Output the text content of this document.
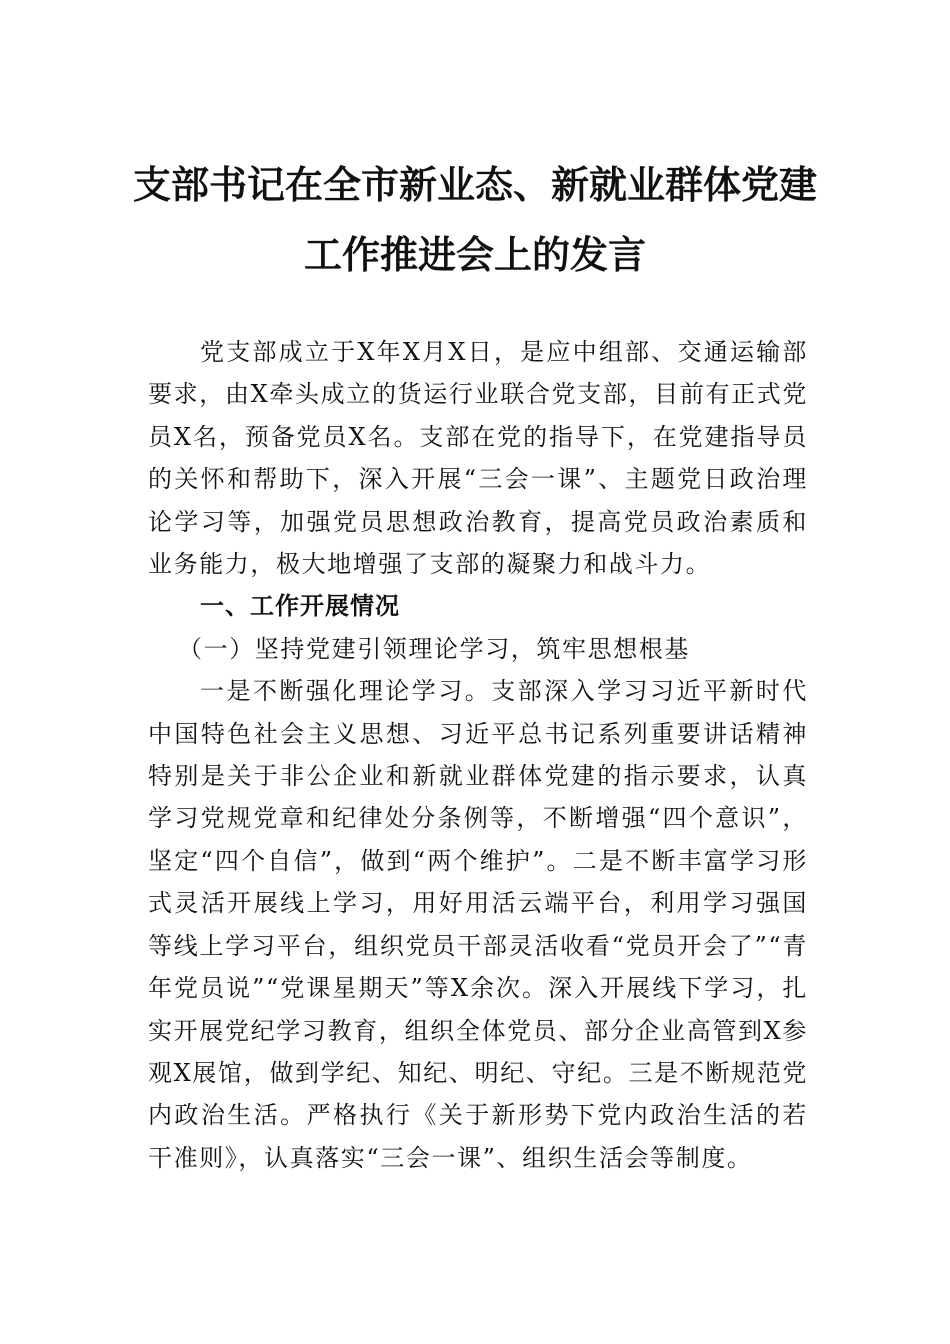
支部书记在全市新业态、新就业群体党建
工作推进会上的发言

党支部成立于X年X月X日，是应中组部、交通运输部要求，由X牵头成立的货运行业联合党支部，目前有正式党员X名，预备党员X名。支部在党的指导下，在党建指导员的关怀和帮助下，深入开展“三会一课”、主题党日政治理论学习等，加强党员思想政治教育，提高党员政治素质和业务能力，极大地增强了支部的凝聚力和战斗力。

一、工作开展情况

（一）坚持党建引领理论学习，筑牢思想根基

一是不断强化理论学习。支部深入学习习近平新时代中国特色社会主义思想、习近平总书记系列重要讲话精神特别是关于非公企业和新就业群体党建的指示要求，认真学习党规党章和纪律处分条例等，不断增强“四个意识”，坚定“四个自信”，做到“两个维护”。二是不断丰富学习形式灵活开展线上学习，用好用活云端平台，利用学习强国等线上学习平台，组织党员干部灵活收看“党员开会了”“青年党员说”“党课星期天”等X余次。深入开展线下学习，扎实开展党纪学习教育，组织全体党员、部分企业高管到X参观X展馆，做到学纪、知纪、明纪、守纪。三是不断规范党内政治生活。严格执行《关于新形势下党内政治生活的若干准则》，认真落实“三会一课”、组织生活会等制度。
